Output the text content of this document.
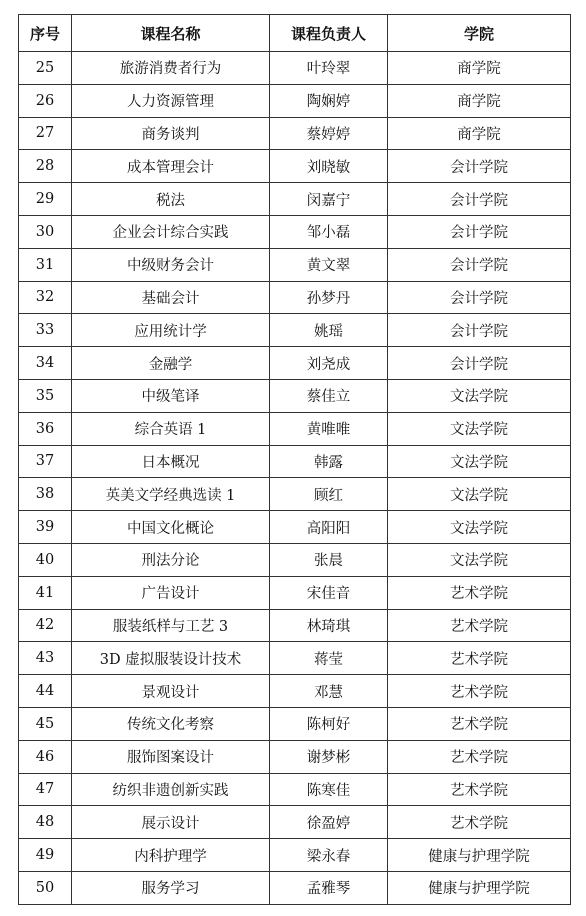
序号	课程名称	课程负责人	学院
25	旅游消费者行为	叶玲翠	商学院
26	人力资源管理	陶娴婷	商学院
27	商务谈判	蔡婷婷	商学院
28	成本管理会计	刘晓敏	会计学院
29	税法	闵嘉宁	会计学院
30	企业会计综合实践	邹小磊	会计学院
31	中级财务会计	黄文翠	会计学院
32	基础会计	孙梦丹	会计学院
33	应用统计学	姚瑶	会计学院
34	金融学	刘尧成	会计学院
35	中级笔译	蔡佳立	文法学院
36	综合英语 1	黄唯唯	文法学院
37	日本概况	韩露	文法学院
38	英美文学经典选读 1	顾红	文法学院
39	中国文化概论	高阳阳	文法学院
40	刑法分论	张晨	文法学院
41	广告设计	宋佳音	艺术学院
42	服装纸样与工艺 3	林琦琪	艺术学院
43	3D 虚拟服装设计技术	蒋莹	艺术学院
44	景观设计	邓慧	艺术学院
45	传统文化考察	陈柯好	艺术学院
46	服饰图案设计	谢梦彬	艺术学院
47	纺织非遗创新实践	陈寒佳	艺术学院
48	展示设计	徐盈婷	艺术学院
49	内科护理学	梁永春	健康与护理学院
50	服务学习	孟雅琴	健康与护理学院
